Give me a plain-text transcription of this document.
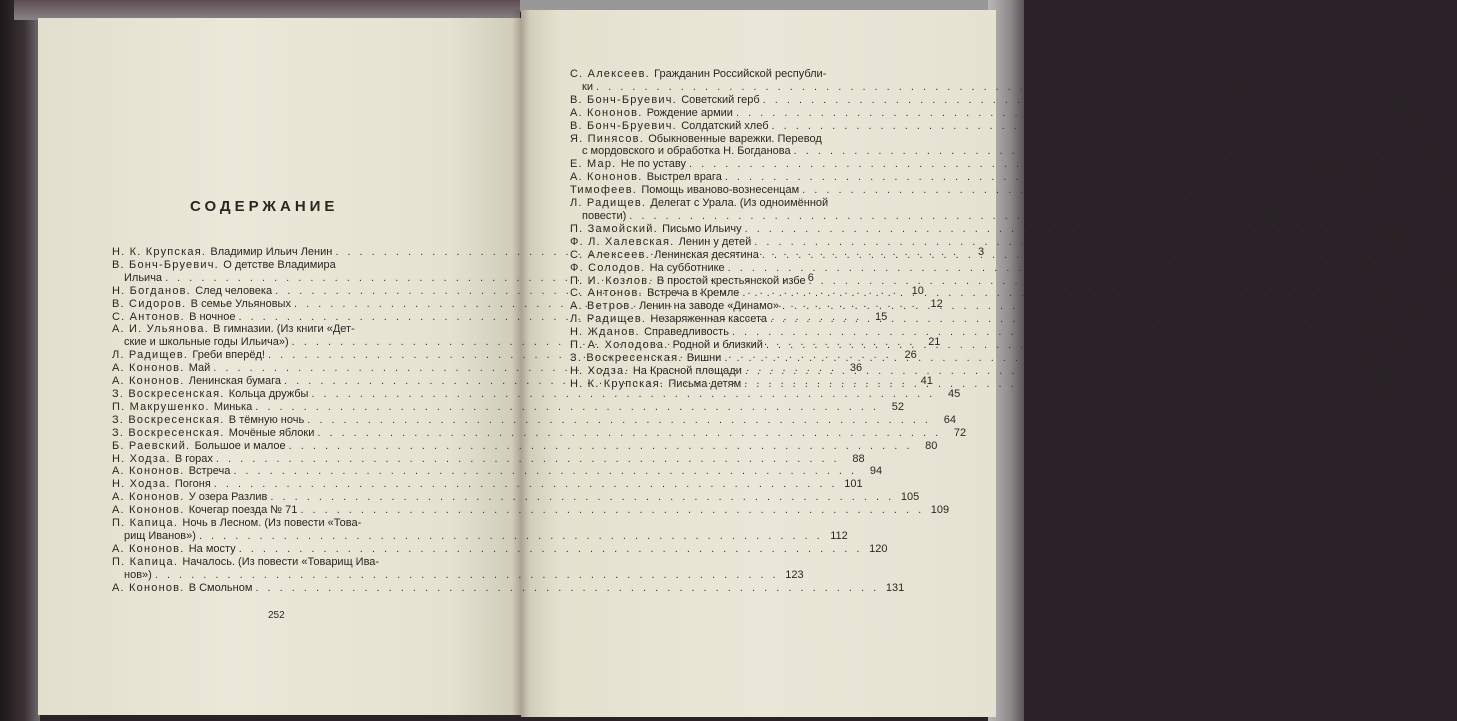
СОДЕРЖАНИЕ
Н. К. Крупская. Владимир Ильич Ленин . . .	3
В. Бонч-Бруевич. О детстве Владимира
Ильича . . .	6
Н. Богданов. След человека . . .	10
В. Сидоров. В семье Ульяновых . . .	12
С. Антонов. В ночное . . .	15
А. И. Ульянова. В гимназии. (Из книги «Дет-
ские и школьные годы Ильича») . . .	21
Л. Радищев. Греби вперёд! . . .	26
А. Кононов. Май . . .	36
А. Кононов. Ленинская бумага . . .	41
З. Воскресенская. Кольца дружбы . . .	45
П. Макрушенко. Минька . . .	52
З. Воскресенская. В тёмную ночь . . .	64
З. Воскресенская. Мочёные яблоки . . .	72
Б. Раевский. Большое и малое . . .	80
Н. Ходза. В горах . . .	88
А. Кононов. Встреча . . .	94
Н. Ходза. Погоня . . .	101
А. Кононов. У озера Разлив . . .	105
А. Кононов. Кочегар поезда № 71 . . .	109
П. Капица. Ночь в Лесном. (Из повести «Това-
рищ Иванов») . . .	112
А. Кононов. На мосту . . .	120
П. Капица. Началось. (Из повести «Товарищ Ива-
нов») . . .	123
А. Кононов. В Смольном . . .	131
С. Алексеев. Гражданин Российской республи-
ки . . .	135
В. Бонч-Бруевич. Советский герб . . .	139
А. Кононов. Рождение армии . . .	142
В. Бонч-Бруевич. Солдатский хлеб . . .	146
Я. Пинясов. Обыкновенные варежки. Перевод
с мордовского и обработка Н. Богданова . . .	149
Е. Мар. Не по уставу . . .	155
А. Кононов. Выстрел врага . . .	158
Тимофеев. Помощь иваново-вознесенцам . . .	162
Л. Радищев. Делегат с Урала. (Из одноимённой
повести) . . .	165
П. Замойский. Письмо Ильичу . . .	175
Ф. Л. Халевская. Ленин у детей . . .	188
С. Алексеев. Ленинская десятина . . .	192
Ф. Солодов. На субботнике . . .	195
П. И. Козлов. В простой крестьянской избе . . .	198
С. Антонов. Встреча в Кремле . . .	201
А. Ветров. Ленин на заводе «Динамо» . . .	212
Л. Радищев. Незаряженная кассета . . .	216
Н. Жданов. Справедливость . . .	225
П. А. Холодова. Родной и близкий . . .	233
З. Воскресенская. Вишни . . .	236
Н. Ходза. На Красной площади . . .	243
Н. К. Крупская. Письма детям . . .	250
252
